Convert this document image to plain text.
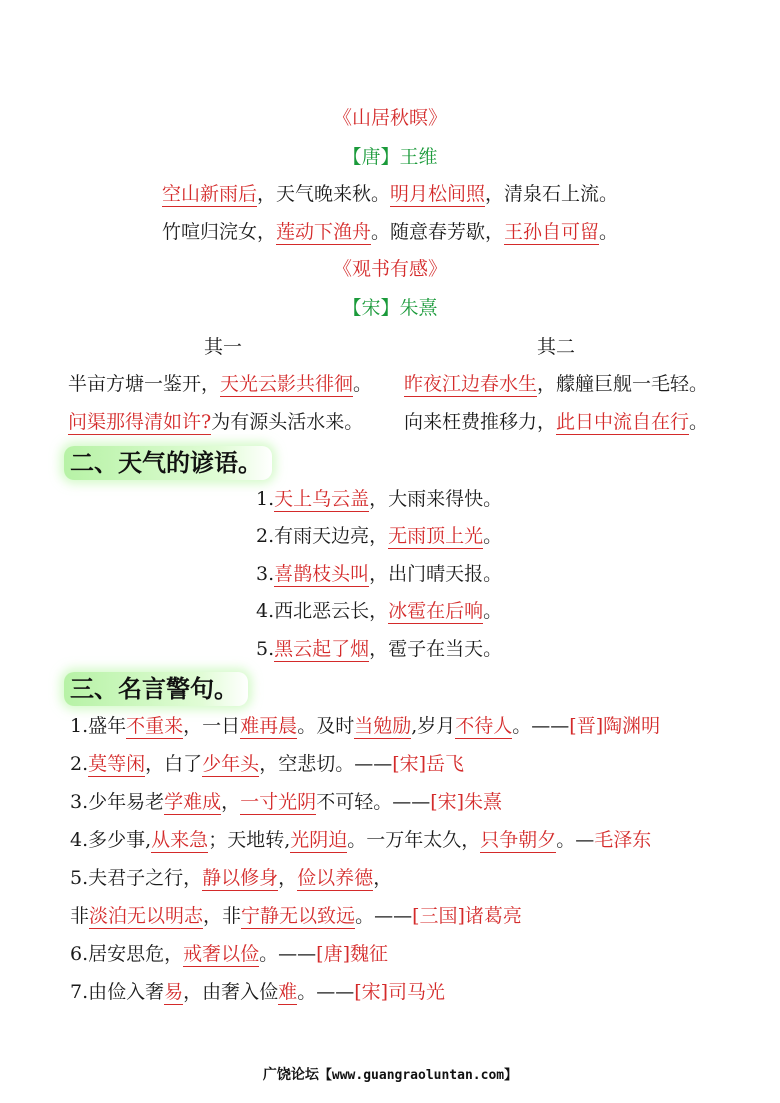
《山居秋暝》
【唐】王维
空山新雨后，天气晚来秋。明月松间照，清泉石上流。
竹喧归浣女，莲动下渔舟。随意春芳歇，王孙自可留。
《观书有感》
【宋】朱熹
其一	其二
半亩方塘一鉴开，天光云影共徘徊。 昨夜江边春水生，艨艟巨舰一毛轻。
问渠那得清如许?为有源头活水来。 向来枉费推移力，此日中流自在行。
二、天气的谚语。
1.天上乌云盖，大雨来得快。
2.有雨天边亮，无雨顶上光。
3.喜鹊枝头叫，出门晴天报。
4.西北恶云长，冰雹在后响。
5.黑云起了烟，雹子在当天。
三、名言警句。
1.盛年不重来，一日难再晨。及时当勉励,岁月不待人。——[晋]陶渊明
2.莫等闲，白了少年头，空悲切。——[宋]岳飞
3.少年易老学难成，一寸光阴不可轻。——[宋]朱熹
4.多少事,从来急；天地转,光阴迫。一万年太久，只争朝夕。—毛泽东
5.夫君子之行，静以修身，俭以养德，
非淡泊无以明志，非宁静无以致远。——[三国]诸葛亮
6.居安思危，戒奢以俭。——[唐]魏征
7.由俭入奢易，由奢入俭难。——[宋]司马光
广饶论坛【www.guangraoluntan.com】
